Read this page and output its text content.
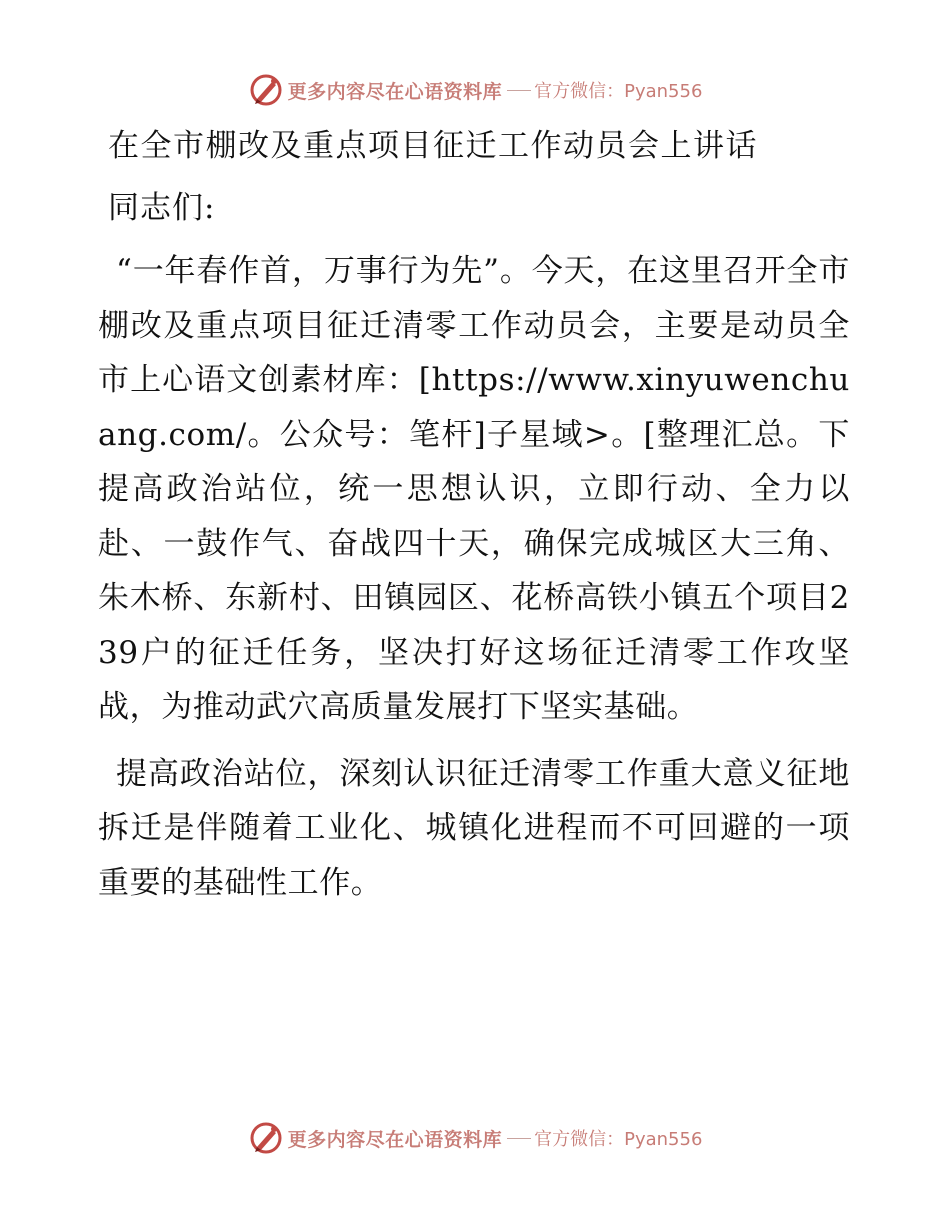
更多内容尽在心语资料库 官方微信：Pyan556
在全市棚改及重点项目征迁工作动员会上讲话
同志们:

“一年春作首，万事行为先”。今天，在这里召开全市棚改及重点项目征迁清零工作动员会，主要是动员全市上心语文创素材库：[https://www.xinyuwenchuang.com/。公众号：笔杆]子星域>。[整理汇总。下提高政治站位，统一思想认识，立即行动、全力以赴、一鼓作气、奋战四十天，确保完成城区大三角、朱木桥、东新村、田镇园区、花桥高铁小镇五个项目239户的征迁任务，坚决打好这场征迁清零工作攻坚战，为推动武穴高质量发展打下坚实基础。

提高政治站位，深刻认识征迁清零工作重大意义征地拆迁是伴随着工业化、城镇化进程而不可回避的一项重要的基础性工作。

更多内容尽在心语资料库 官方微信：Pyan556
